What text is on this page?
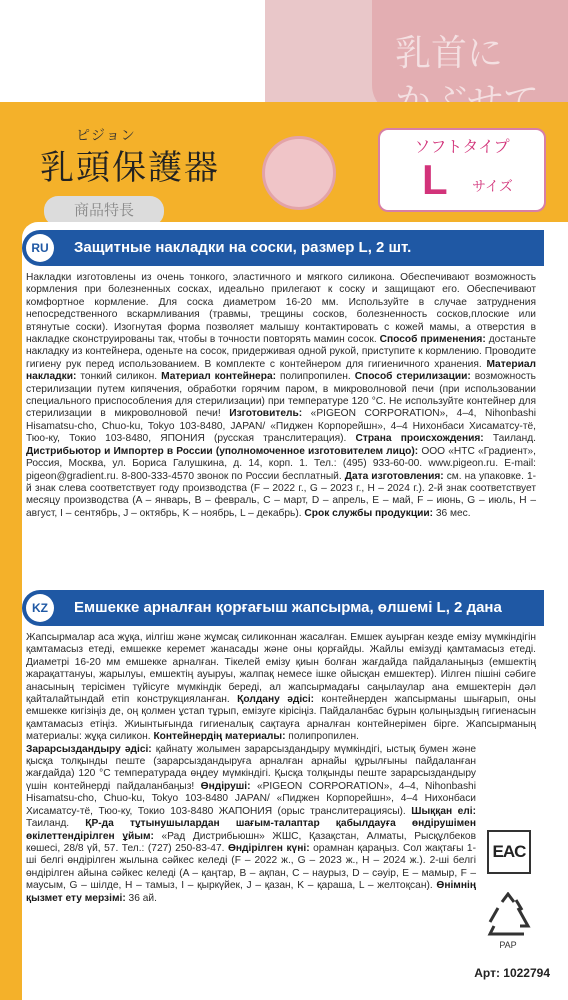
乳首に
ピジョン
乳頭保護器
ソフトタイプ
L サイズ
商品特長
RU	Защитные накладки на соски, размер L, 2 шт.
Накладки изготовлены из очень тонкого, эластичного и мягкого силикона. Обеспечивают возможность кормления при болезненных сосках, идеально прилегают к соску и защищают его. Обеспечивают комфортное кормление. Для соска диаметром 16-20 мм. Используйте в случае затруднения непосредственного вскармливания (травмы, трещины сосков, болезненность сосков,плоские или втянутые соски). Изогнутая форма позволяет малышу контактировать с кожей мамы, а отверстия в накладке сконструированы так, чтобы в точности повторять мамин сосок. Способ применения: достаньте накладку из контейнера, оденьте на сосок, придерживая одной рукой, приступите к кормлению. Проводите гигиену рук перед использованием. В комплекте с контейнером для гигиеничного хранения. Материал накладки: тонкий силикон. Материал контейнера: полипропилен. Способ стерилизации: возможность стерилизации путем кипячения, обработки горячим паром, в микроволновой печи (при использовании специального приспособления для стерилизации) при температуре 120 °С. Не используйте контейнер для стерилизации в микроволновой печи! Изготовитель: «PIGEON CORPORATION», 4–4, Nihonbashi Hisamatsu-cho, Chuo-ku, Tokyo 103-8480, JAPAN/ «Пиджен Корпорейшн», 4–4 Нихонбаси Хисаматсу-тё, Тюо-ку, Токио 103-8480, ЯПОНИЯ (русская транслитерация). Страна происхождения: Таиланд. Дистрибьютор и Импортер в России (уполномоченное изготовителем лицо): ООО «НТС «Градиент», Россия, Москва, ул. Бориса Галушкина, д. 14, корп. 1. Тел.: (495) 933-60-00. www.pigeon.ru. E-mail: pigeon@gradient.ru. 8-800-333-4570 звонок по России бесплатный. Дата изготовления: см. на упаковке. 1-й знак слева соответствует году производства (F – 2022 г., G – 2023 г., H – 2024 г.). 2-й знак соответствует месяцу производства (A – январь, B – февраль, C – март, D – апрель, E – май, F – июнь, G – июль, H – август, I – сентябрь, J – октябрь, K – ноябрь, L – декабрь). Срок службы продукции: 36 мес.
KZ	Емшекке арналған қорғағыш жапсырма, өлшемі L, 2 дана
Жапсырмалар аса жұқа, иілгіш және жұмсақ силиконнан жасалған. Емшек ауырған кезде емізу мүмкіндігін қамтамасыз етеді, емшекке керемет жанасады және оны қорғайды. Жайлы емізуді қамтамасыз етеді. Диаметрі 16-20 мм емшекке арналған. Тікелей емізу қиын болған жағдайда пайдаланыңыз (емшектің жарақаттануы, жарылуы, емшектің ауыруы, жалпақ немесе ішке ойысқан емшектер). Иілген пішіні сәбиге анасының терісімен түйісуге мүмкіндік береді, ал жапсырмадағы саңылаулар ана емшектерін дәл қайталайтындай етіп конструкцияланған. Қолдану әдісі: контейнерден жапсырманы шығарып, оны емшекке кигізіңіз де, оң қолмен ұстап тұрып, емізуге кірісіңіз. Пайдаланбас бұрын қолыңыздың гигиенасын қамтамасыз етіңіз. Жиынтығында гигиеналық сақтауға арналған контейнерімен бірге. Жапсырманың материалы: жұқа силикон. Контейнердің материалы: полипропилен.
Зарарсыздандыру әдісі: қайнату жолымен зарарсыздандыру мүмкіндігі, ыстық бумен және қысқа толқынды пеште (зарарсыздандыруға арналған арнайы құрылғыны пайдаланған жағдайда) 120 °С температурада өңдеу мүмкіндігі. Қысқа толқынды пеште зарарсыздандыру үшін контейнерді пайдаланбаңыз! Өндіруші: «PIGEON CORPORATION», 4–4, Nihonbashi Hisamatsu-cho, Chuo-ku, Tokyo 103-8480 JAPAN/ «Пиджен Корпорейшн», 4–4 Нихонбаси Хисаматсу-тё, Тюо-ку, Токио 103-8480 ЖАПОНИЯ (орыс транслитерациясы). Шыққан елі: Таиланд. ҚР-да тұтынушылардан шағым-талаптар қабылдауға өндірушімен өкілеттендірілген ұйым: «Рад Дистрибьюшн» ЖШС, Қазақстан, Алматы, Рысқұлбеков көшесі, 28/8 үй, 57. Тел.: (727) 250-83-47. Өндірілген күні: орамнан қараңыз. Сол жақтағы 1-ші белгі өндірілген жылына сәйкес келеді (F – 2022 ж., G – 2023 ж., H – 2024 ж.). 2-ші белгі өндірілген айына сәйкес келеді (A – қаңтар, B – ақпан, C – наурыз, D – сәуір, E – мамыр, F – маусым, G – шілде, H – тамыз, I – қыркүйек, J – қазан, K – қараша, L – желтоқсан). Өнімнің қызмет ету мерзімі: 36 ай.
EAC
PAP
Арт: 1022794
